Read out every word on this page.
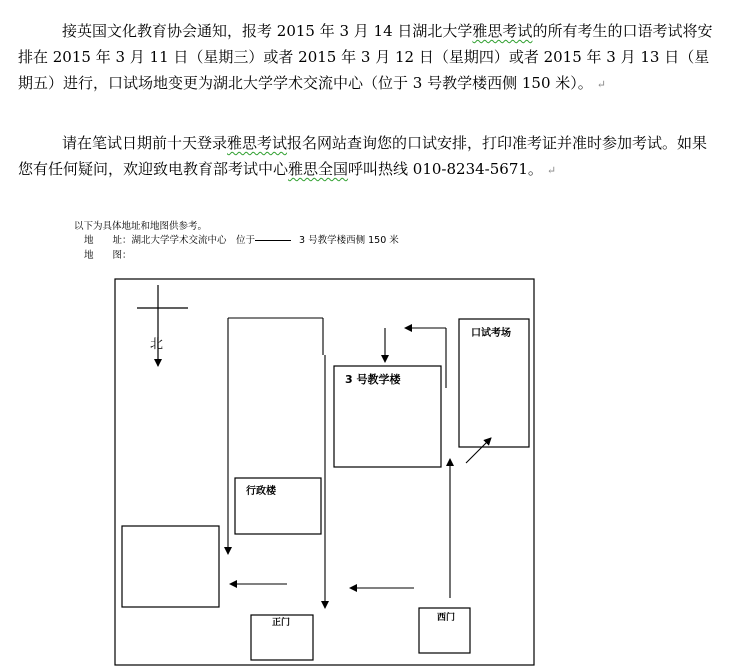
接英国文化教育协会通知，报考 2015 年 3 月 14 日湖北大学雅思考试的所有考生的口语考试将安排在 2015 年 3 月 11 日（星期三）或者 2015 年 3 月 12 日（星期四）或者 2015 年 3 月 13 日（星期五）进行，口试场地变更为湖北大学学术交流中心（位于 3 号教学楼西侧 150 米）。 ↵

请在笔试日期前十天登录雅思考试报名网站查询您的口试安排，打印准考证并准时参加考试。如果您有任何疑问，欢迎致电教育部考试中心雅思全国呼叫热线 010-8234-5671。 ↵

以下为具体地址和地图供参考。
地　　址：湖北大学学术交流中心　位于	3 号教学楼西侧 150 米
地　　图：
北
3 号教学楼
口试考场
行政楼
正门	西门
